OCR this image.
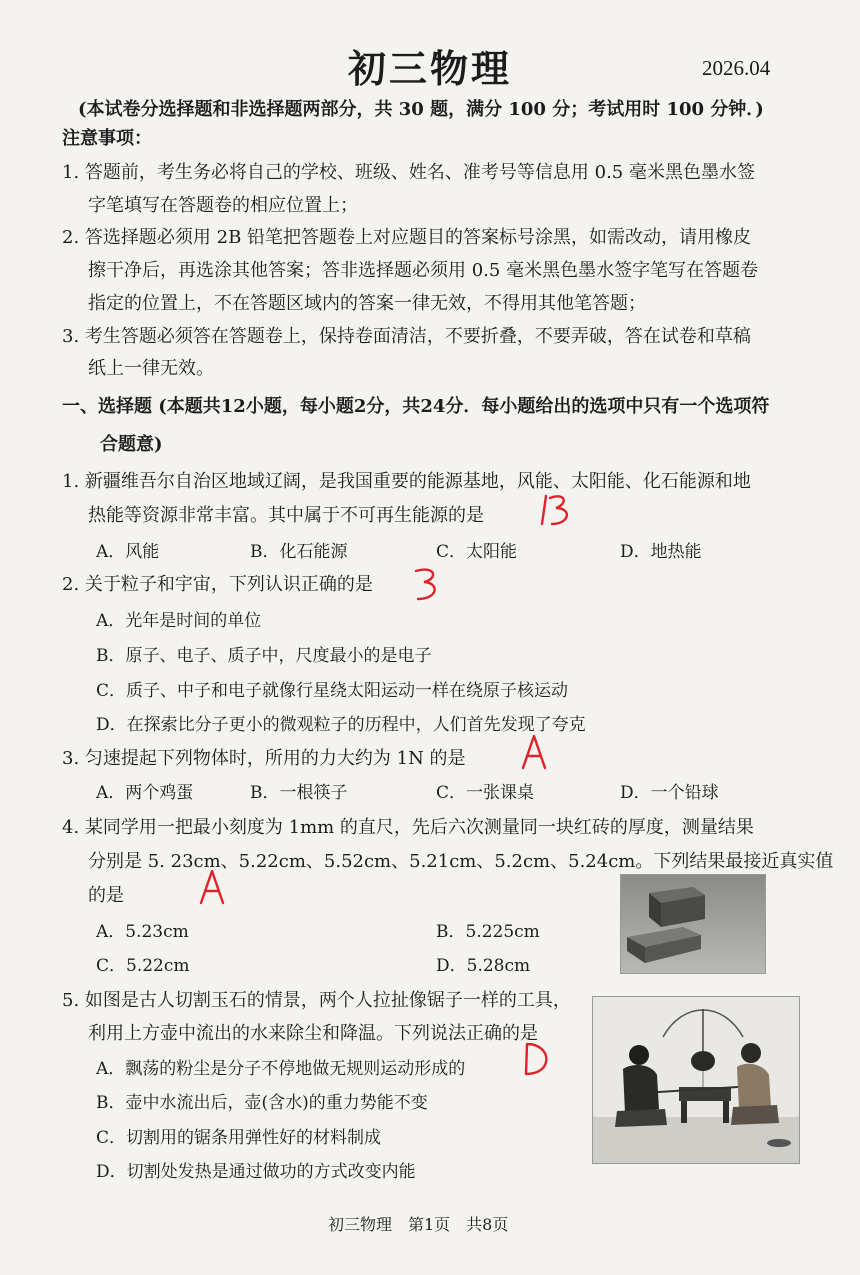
初三物理	2026.04
(本试卷分选择题和非选择题两部分，共 30 题，满分 100 分；考试用时 100 分钟．)
注意事项：
1. 答题前，考生务必将自己的学校、班级、姓名、准考号等信息用 0.5 毫米黑色墨水签
字笔填写在答题卷的相应位置上；
2. 答选择题必须用 2B 铅笔把答题卷上对应题目的答案标号涂黑，如需改动，请用橡皮
擦干净后，再选涂其他答案；答非选择题必须用 0.5 毫米黑色墨水签字笔写在答题卷
指定的位置上，不在答题区域内的答案一律无效，不得用其他笔答题；
3. 考生答题必须答在答题卷上，保持卷面清洁，不要折叠，不要弄破，答在试卷和草稿
纸上一律无效。
一、选择题 (本题共12小题，每小题2分，共24分．每小题给出的选项中只有一个选项符
合题意)
1. 新疆维吾尔自治区地域辽阔，是我国重要的能源基地，风能、太阳能、化石能源和地
热能等资源非常丰富。其中属于不可再生能源的是
A．风能	B．化石能源	C．太阳能	D．地热能
2. 关于粒子和宇宙，下列认识正确的是
A．光年是时间的单位
B．原子、电子、质子中，尺度最小的是电子
C．质子、中子和电子就像行星绕太阳运动一样在绕原子核运动
D．在探索比分子更小的微观粒子的历程中，人们首先发现了夸克
3. 匀速提起下列物体时，所用的力大约为 1N 的是
A．两个鸡蛋	B．一根筷子	C．一张课桌	D．一个铅球
4. 某同学用一把最小刻度为 1mm 的直尺，先后六次测量同一块红砖的厚度，测量结果
分别是 5. 23cm、5.22cm、5.52cm、5.21cm、5.2cm、5.24cm。下列结果最接近真实值
的是
A．5.23cm	B．5.225cm
C．5.22cm	D．5.28cm
5. 如图是古人切割玉石的情景，两个人拉扯像锯子一样的工具，
利用上方壶中流出的水来除尘和降温。下列说法正确的是
A．飘荡的粉尘是分子不停地做无规则运动形成的
B．壶中水流出后，壶(含水)的重力势能不变
C．切割用的锯条用弹性好的材料制成
D．切割处发热是通过做功的方式改变内能
初三物理　第1页　共8页
